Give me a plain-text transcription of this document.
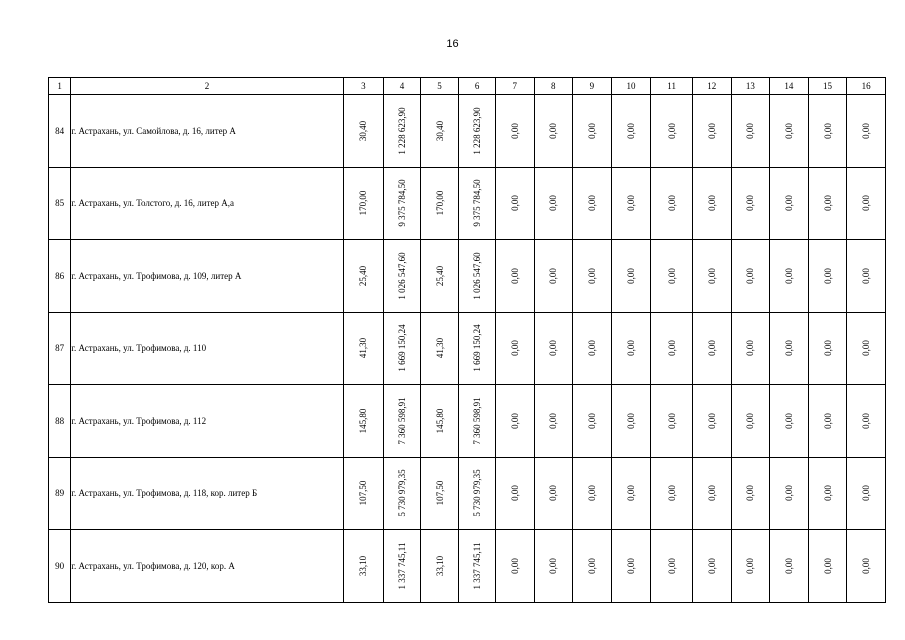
16
1	2	3	4	5	6	7	8	9	10	11	12	13	14	15	16
84	г. Астрахань, ул. Самойлова, д. 16, литер А	30,40	1 228 623,90	30,40	1 228 623,90	0,00	0,00	0,00	0,00	0,00	0,00	0,00	0,00	0,00	0,00

85	г. Астрахань, ул. Толстого, д. 16, литер А,а	170,00	9 375 784,50	170,00	9 375 784,50	0,00	0,00	0,00	0,00	0,00	0,00	0,00	0,00	0,00	0,00

86	г. Астрахань, ул. Трофимова, д. 109, литер А	25,40	1 026 547,60	25,40	1 026 547,60	0,00	0,00	0,00	0,00	0,00	0,00	0,00	0,00	0,00	0,00

87	г. Астрахань, ул. Трофимова, д. 110	41,30	1 669 150,24	41,30	1 669 150,24	0,00	0,00	0,00	0,00	0,00	0,00	0,00	0,00	0,00	0,00

88	г. Астрахань, ул. Трофимова, д. 112	145,80	7 360 598,91	145,80	7 360 598,91	0,00	0,00	0,00	0,00	0,00	0,00	0,00	0,00	0,00	0,00

89	г. Астрахань, ул. Трофимова, д. 118, кор. литер Б	107,50	5 730 979,35	107,50	5 730 979,35	0,00	0,00	0,00	0,00	0,00	0,00	0,00	0,00	0,00	0,00

90	г. Астрахань, ул. Трофимова, д. 120, кор. А	33,10	1 337 745,11	33,10	1 337 745,11	0,00	0,00	0,00	0,00	0,00	0,00	0,00	0,00	0,00	0,00
